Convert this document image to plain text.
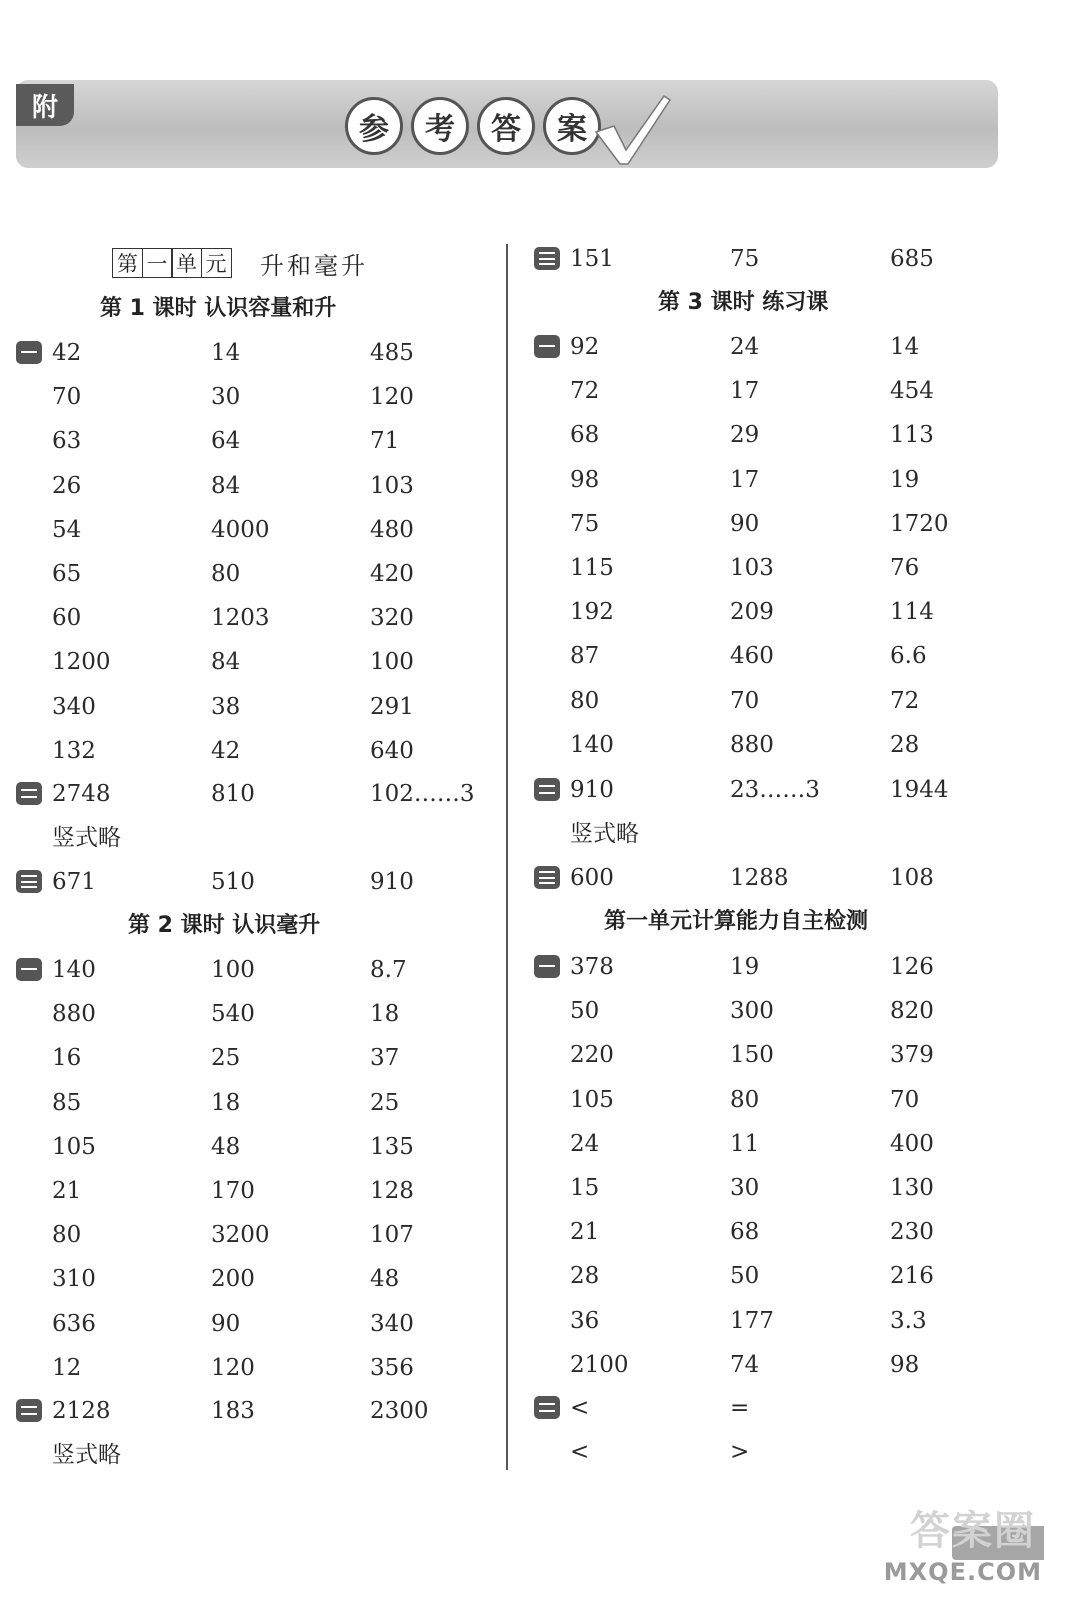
附
参	考	答	案
第 一 单 元 升和毫升
第 1 课时 认识容量和升
42	14	485
70	30	120
63	64	71
26	84	103
54	4000	480
65	80	420
60	1203	320
1200	84	100
340	38	291
132	42	640
2748	810	102……3
竖式略
671	510	910
第 2 课时 认识毫升
140	100	8.7
880	540	18
16	25	37
85	18	25
105	48	135
21	170	128
80	3200	107
310	200	48
636	90	340
12	120	356
2128	183	2300
竖式略
151	75	685
第 3 课时 练习课
92	24	14
72	17	454
68	29	113
98	17	19
75	90	1720
115	103	76
192	209	114
87	460	6.6
80	70	72
140	880	28
910	23……3	1944
竖式略
600	1288	108
第一单元计算能力自主检测
378	19	126
50	300	820
220	150	379
105	80	70
24	11	400
15	30	130
21	68	230
28	50	216
36	177	3.3
2100	74	98
<	=
<	>
答案圈
MXQE.COM
